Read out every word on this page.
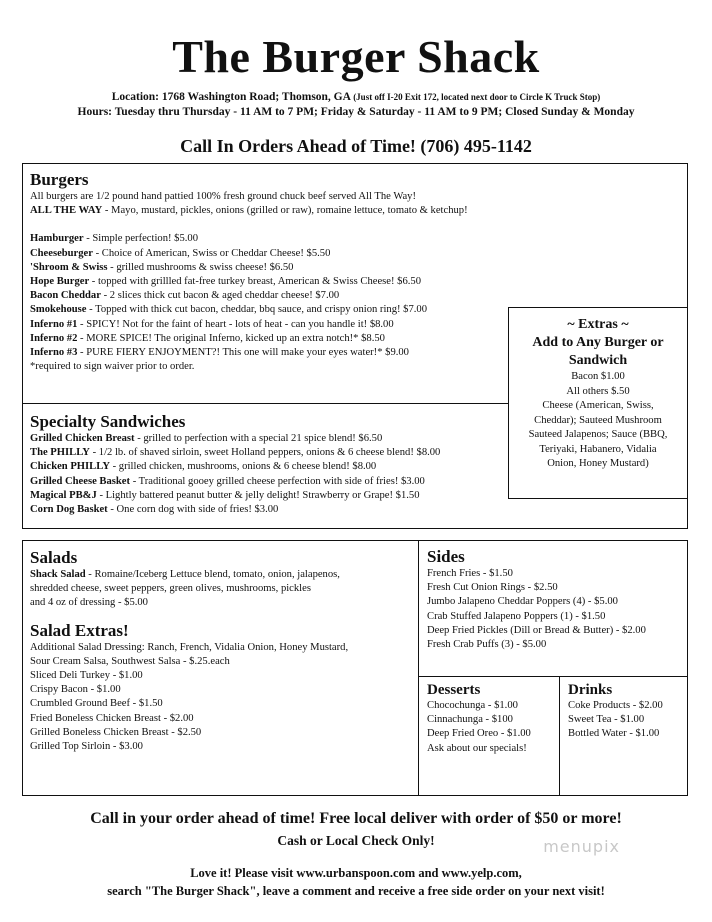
The Burger Shack
Location: 1768 Washington Road; Thomson, GA (Just off I-20 Exit 172, located next door to Circle K Truck Stop)
Hours: Tuesday thru Thursday - 11 AM to 7 PM; Friday & Saturday - 11 AM to 9 PM; Closed Sunday & Monday
Call In Orders Ahead of Time! (706) 495-1142
Burgers
All burgers are 1/2 pound hand pattied 100% fresh ground chuck beef served All The Way!
ALL THE WAY - Mayo, mustard, pickles, onions (grilled or raw), romaine lettuce, tomato & ketchup!
Hamburger - Simple perfection! $5.00
Cheeseburger - Choice of American, Swiss or Cheddar Cheese! $5.50
'Shroom & Swiss - grilled mushrooms & swiss cheese! $6.50
Hope Burger - topped with grillled fat-free turkey breast, American & Swiss Cheese! $6.50
Bacon Cheddar - 2 slices thick cut bacon & aged cheddar cheese! $7.00
Smokehouse - Topped with thick cut bacon, cheddar, bbq sauce, and crispy onion ring! $7.00
Inferno #1 - SPICY! Not for the faint of heart - lots of heat - can you handle it! $8.00
Inferno #2 - MORE SPICE! The original Inferno, kicked up an extra notch!* $8.50
Inferno #3 - PURE FIERY ENJOYMENT?! This one will make your eyes water!* $9.00
*required to sign waiver prior to order.
~ Extras ~
Add to Any Burger or
Sandwich
Bacon $1.00
All others $.50
Cheese (American, Swiss,
Cheddar); Sauteed Mushroom
Sauteed Jalapenos; Sauce (BBQ,
Teriyaki, Habanero, Vidalia
Onion, Honey Mustard)
Specialty Sandwiches
Grilled Chicken Breast - grilled to perfection with a special 21 spice blend! $6.50
The PHILLY - 1/2 lb. of shaved sirloin, sweet Holland peppers, onions & 6 cheese blend! $8.00
Chicken PHILLY - grilled chicken, mushrooms, onions & 6 cheese blend! $8.00
Grilled Cheese Basket - Traditional gooey grilled cheese perfection with side of fries! $3.00
Magical PB&J - Lightly battered peanut butter & jelly delight! Strawberry or Grape! $1.50
Corn Dog Basket - One corn dog with side of fries! $3.00
Salads
Shack Salad - Romaine/Iceberg Lettuce blend, tomato, onion, jalapenos,
shredded cheese, sweet peppers, green olives, mushrooms, pickles
and 4 oz of dressing - $5.00
Salad Extras!
Additional Salad Dressing: Ranch, French, Vidalia Onion, Honey Mustard,
Sour Cream Salsa, Southwest Salsa - $.25.each
Sliced Deli Turkey - $1.00
Crispy Bacon - $1.00
Crumbled Ground Beef - $1.50
Fried Boneless Chicken Breast - $2.00
Grilled Boneless Chicken Breast - $2.50
Grilled Top Sirloin - $3.00
Sides
French Fries - $1.50
Fresh Cut Onion Rings - $2.50
Jumbo Jalapeno Cheddar Poppers (4) - $5.00
Crab Stuffed Jalapeno Poppers (1) - $1.50
Deep Fried Pickles (Dill or Bread & Butter) - $2.00
Fresh Crab Puffs (3) - $5.00
Desserts
Chocochunga - $1.00
Cinnachunga - $100
Deep Fried Oreo - $1.00
Ask about our specials!
Drinks
Coke Products - $2.00
Sweet Tea - $1.00
Bottled Water - $1.00
Call in your order ahead of time! Free local deliver with order of $50 or more!
Cash or Local Check Only!
Love it! Please visit www.urbanspoon.com and www.yelp.com,
search "The Burger Shack", leave a comment and receive a free side order on your next visit!
menupix
